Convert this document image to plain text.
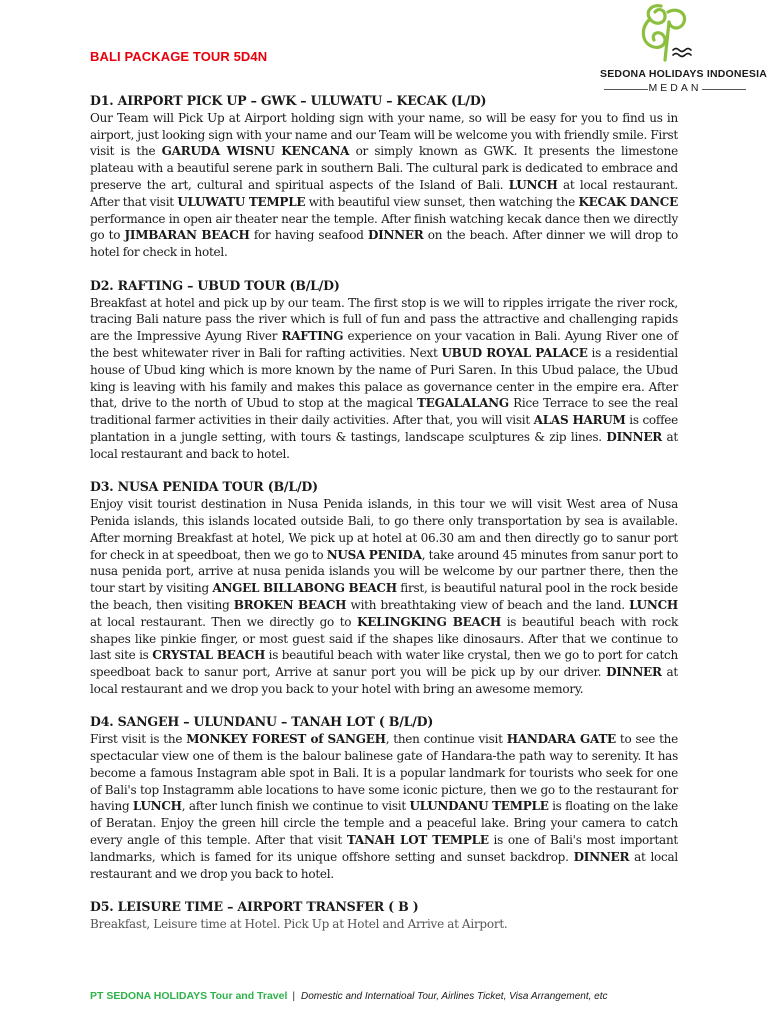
BALI PACKAGE TOUR 5D4N
SEDONA HOLIDAYS INDONESIA
MEDAN
D1. AIRPORT PICK UP – GWK – ULUWATU – KECAK (L/D)

Our Team will Pick Up at Airport holding sign with your name, so will be easy for you to find us in airport, just looking sign with your name and our Team will be welcome you with friendly smile. First visit is the GARUDA WISNU KENCANA or simply known as GWK. It presents the limestone plateau with a beautiful serene park in southern Bali. The cultural park is dedicated to embrace and preserve the art, cultural and spiritual aspects of the Island of Bali. LUNCH at local restaurant. After that visit ULUWATU TEMPLE with beautiful view sunset, then watching the KECAK DANCE performance in open air theater near the temple. After finish watching kecak dance then we directly go to JIMBARAN BEACH for having seafood DINNER on the beach. After dinner we will drop to hotel for check in hotel.

D2. RAFTING – UBUD TOUR (B/L/D)

Breakfast at hotel and pick up by our team. The first stop is we will to ripples irrigate the river rock, tracing Bali nature pass the river which is full of fun and pass the attractive and challenging rapids are the Impressive Ayung River RAFTING experience on your vacation in Bali. Ayung River one of the best whitewater river in Bali for rafting activities. Next UBUD ROYAL PALACE is a residential house of Ubud king which is more known by the name of Puri Saren. In this Ubud palace, the Ubud king is leaving with his family and makes this palace as governance center in the empire era. After that, drive to the north of Ubud to stop at the magical TEGALALANG Rice Terrace to see the real traditional farmer activities in their daily activities. After that, you will visit ALAS HARUM is coffee plantation in a jungle setting, with tours & tastings, landscape sculptures & zip lines. DINNER at local restaurant and back to hotel.

D3. NUSA PENIDA TOUR (B/L/D)

Enjoy visit tourist destination in Nusa Penida islands, in this tour we will visit West area of Nusa Penida islands, this islands located outside Bali, to go there only transportation by sea is available. After morning Breakfast at hotel, We pick up at hotel at 06.30 am and then directly go to sanur port for check in at speedboat, then we go to NUSA PENIDA, take around 45 minutes from sanur port to nusa penida port, arrive at nusa penida islands you will be welcome by our partner there, then the tour start by visiting ANGEL BILLABONG BEACH first, is beautiful natural pool in the rock beside the beach, then visiting BROKEN BEACH with breathtaking view of beach and the land. LUNCH at local restaurant. Then we directly go to KELINGKING BEACH is beautiful beach with rock shapes like pinkie finger, or most guest said if the shapes like dinosaurs. After that we continue to last site is CRYSTAL BEACH is beautiful beach with water like crystal, then we go to port for catch speedboat back to sanur port, Arrive at sanur port you will be pick up by our driver. DINNER at local restaurant and we drop you back to your hotel with bring an awesome memory.

D4. SANGEH – ULUNDANU – TANAH LOT ( B/L/D)

First visit is the MONKEY FOREST of SANGEH, then continue visit HANDARA GATE to see the spectacular view one of them is the balour balinese gate of Handara-the path way to serenity. It has become a famous Instagram able spot in Bali. It is a popular landmark for tourists who seek for one of Bali's top Instagramm able locations to have some iconic picture, then we go to the restaurant for having LUNCH, after lunch finish we continue to visit ULUNDANU TEMPLE is floating on the lake of Beratan. Enjoy the green hill circle the temple and a peaceful lake. Bring your camera to catch every angle of this temple. After that visit TANAH LOT TEMPLE is one of Bali's most important landmarks, which is famed for its unique offshore setting and sunset backdrop. DINNER at local restaurant and we drop you back to hotel.

D5. LEISURE TIME – AIRPORT TRANSFER ( B )

Breakfast, Leisure time at Hotel. Pick Up at Hotel and Arrive at Airport.

PT SEDONA HOLIDAYS Tour and Travel | Domestic and Internatioal Tour, Airlines Ticket, Visa Arrangement, etc
